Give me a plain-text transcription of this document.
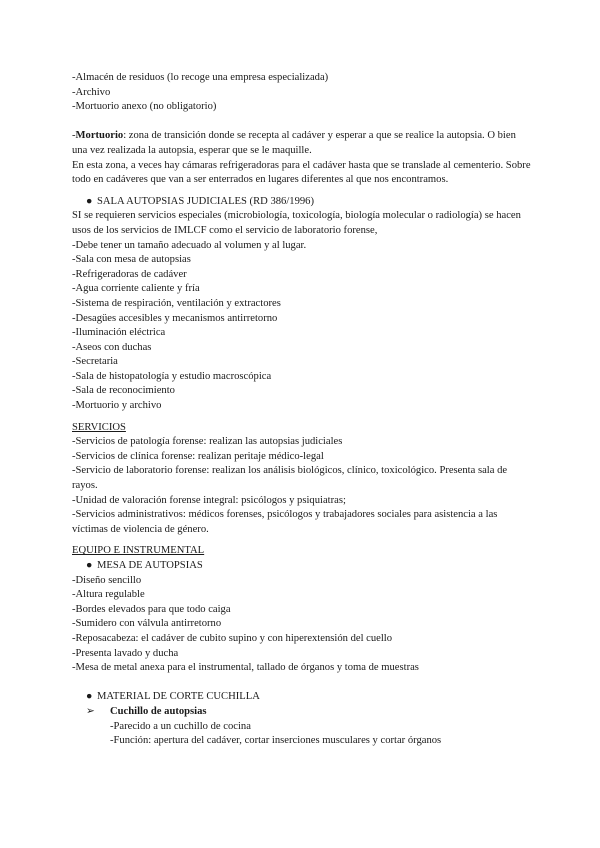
-Almacén de residuos (lo recoge una empresa especializada)
-Archivo
-Mortuorio anexo (no obligatorio)
-Mortuorio: zona de transición donde se recepta al cadáver y esperar a que se realice la autopsia. O bien una vez realizada la autopsia, esperar que se le maquille.
En esta zona, a veces hay cámaras refrigeradoras para el cadáver hasta que se translade al cementerio. Sobre todo en cadáveres que van a ser enterrados en lugares diferentes al que nos encontramos.
● SALA AUTOPSIAS JUDICIALES (RD 386/1996)
SI se requieren servicios especiales (microbiología, toxicología, biología molecular o radiología) se hacen usos de los servicios de IMLCF como el servicio de laboratorio forense,
-Debe tener un tamaño adecuado al volumen y al lugar.
-Sala con mesa de autopsias
-Refrigeradoras de cadáver
-Agua corriente caliente y fría
-Sistema de respiración, ventilación y extractores
-Desagües accesibles y mecanismos antirretorno
-Iluminación eléctrica
-Aseos con duchas
-Secretaria
-Sala de histopatología y estudio macroscópica
-Sala de reconocimiento
-Mortuorio y archivo
SERVICIOS
-Servicios de patología forense: realizan las autopsias judiciales
-Servicios de clínica forense: realizan peritaje médico-legal
-Servicio de laboratorio forense: realizan los análisis biológicos, clínico, toxicológico. Presenta sala de rayos.
-Unidad de valoración forense integral: psicólogos y psiquiatras;
-Servicios administrativos: médicos forenses, psicólogos y trabajadores sociales para asistencia a las víctimas de violencia de género.
EQUIPO E INSTRUMENTAL
● MESA DE AUTOPSIAS
-Diseño sencillo
-Altura regulable
-Bordes elevados para que todo caiga
-Sumidero con válvula antirretorno
-Reposacabeza: el cadáver de cubito supino y con hiperextensión del cuello
-Presenta lavado y ducha
-Mesa de metal anexa para el instrumental, tallado de órganos y toma de muestras
● MATERIAL DE CORTE CUCHILLA
➢ Cuchillo de autopsias
-Parecido a un cuchillo de cocina
-Función: apertura del cadáver, cortar inserciones musculares y cortar órganos
